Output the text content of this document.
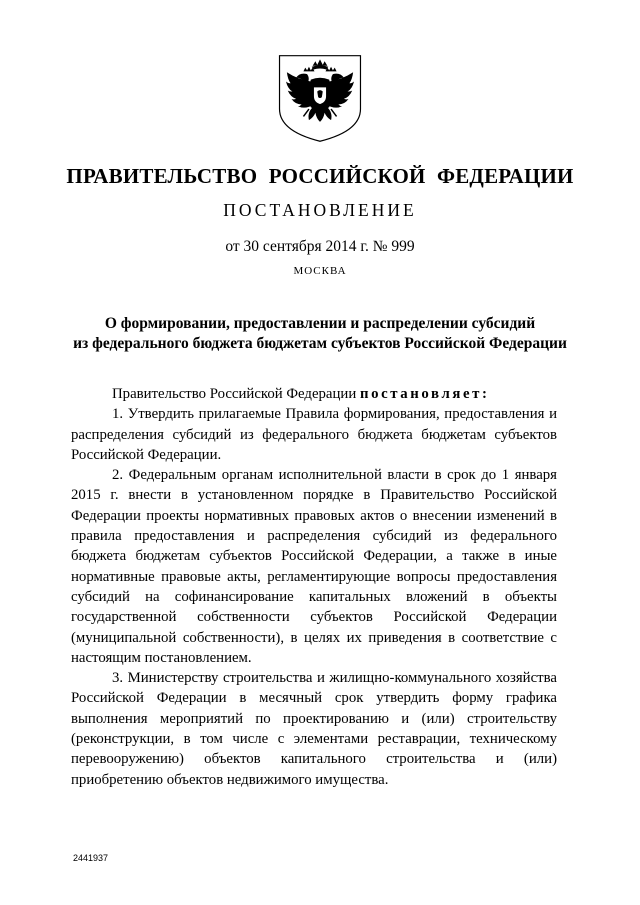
ПРАВИТЕЛЬСТВО РОССИЙСКОЙ ФЕДЕРАЦИИ
ПОСТАНОВЛЕНИЕ
от 30 сентября 2014 г. № 999
МОСКВА
О формировании, предоставлении и распределении субсидий
из федерального бюджета бюджетам субъектов Российской Федерации

Правительство Российской Федерации постановляет:

1. Утвердить прилагаемые Правила формирования, предоставления и распределения субсидий из федерального бюджета бюджетам субъектов Российской Федерации.

2. Федеральным органам исполнительной власти в срок до 1 января 2015 г. внести в установленном порядке в Правительство Российской Федерации проекты нормативных правовых актов о внесении изменений в правила предоставления и распределения субсидий из федерального бюджета бюджетам субъектов Российской Федерации, а также в иные нормативные правовые акты, регламентирующие вопросы предоставления субсидий на софинансирование капитальных вложений в объекты государственной собственности субъектов Российской Федерации (муниципальной собственности), в целях их приведения в соответствие с настоящим постановлением.

3. Министерству строительства и жилищно-коммунального хозяйства Российской Федерации в месячный срок утвердить форму графика выполнения мероприятий по проектированию и (или) строительству (реконструкции, в том числе с элементами реставрации, техническому перевооружению) объектов капитального строительства и (или) приобретению объектов недвижимого имущества.

2441937
